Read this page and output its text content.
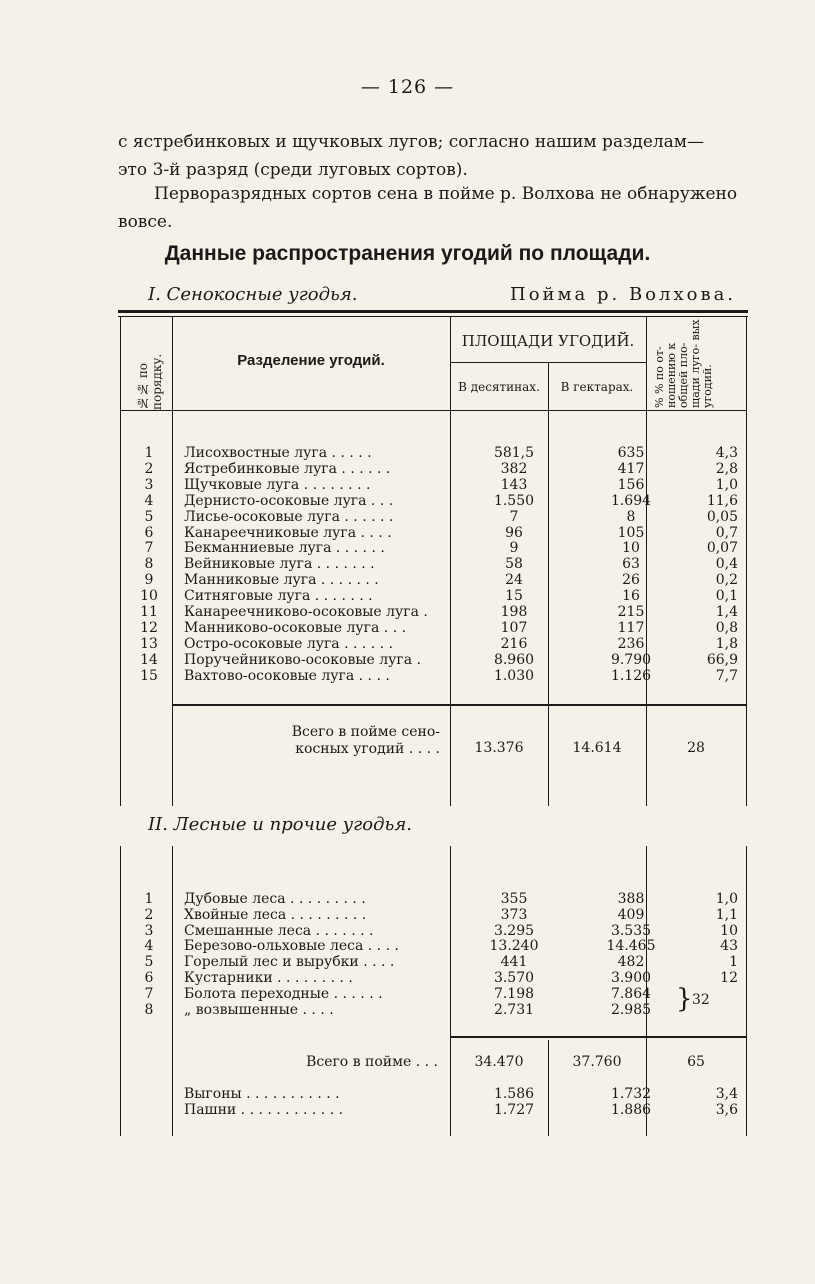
— 126 —
с ястребинковых и щучковых лугов; согласно нашим разделам— это 3-й разряд (среди луговых сортов).
Перворазрядных сортов сена в пойме р. Волхова не обнаружено вовсе.
Данные распространения угодий по площади.
I. Сенокосные угодья.	Пойма р. Волхова.
№№ по порядку.	Разделение угодий.
ПЛОЩАДИ УГОДИЙ.
В десятинах.	В гектарах.	% % по от- ношению к общей пло- щади луго- вых угодий.
1	Лисохвостные луга . . . . .	581,5	635	4,3
2	Ястребинковые луга . . . . . .	382	417	2,8
3	Щучковые луга . . . . . . . .	143	156	1,0
4	Дернисто-осоковые луга . . .	1.550	1.694	11,6
5	Лисье-осоковые луга . . . . . .	7	8	0,05
6	Канареечниковые луга . . . .	96	105	0,7
7	Бекманниевые луга . . . . . .	9	10	0,07
8	Вейниковые луга . . . . . . .	58	63	0,4
9	Манниковые луга . . . . . . .	24	26	0,2
10	Ситняговые луга . . . . . . .	15	16	0,1
11	Канареечниково-осоковые луга .	198	215	1,4
12	Манниково-осоковые луга . . .	107	117	0,8
13	Остро-осоковые луга . . . . . .	216	236	1,8
14	Поручейниково-осоковые луга .	8.960	9.790	66,9
15	Вахтово-осоковые луга . . . .	1.030	1.126	7,7
Всего в пойме сено-
косных угодий . . . .	13.376	14.614	28
II. Лесные и прочие угодья.
1	Дубовые леса . . . . . . . . .	355	388	1,0
2	Хвойные леса . . . . . . . . .	373	409	1,1
3	Смешанные леса . . . . . . .	3.295	3.535	10
4	Березово-ольховые леса . . . .	13.240	14.465	43
5	Горелый лес и вырубки . . . .	441	482	1
6	Кустарники . . . . . . . . .	3.570	3.900	12
7	Болота переходные . . . . . .	7.198	7.864
8	„ возвышенные . . . .	2.731	2.985 } 32
Всего в пойме . . .	34.470	37.760	65
Выгоны . . . . . . . . . . .	1.586	1.732	3,4
Пашни . . . . . . . . . . . .	1.727	1.886	3,6
